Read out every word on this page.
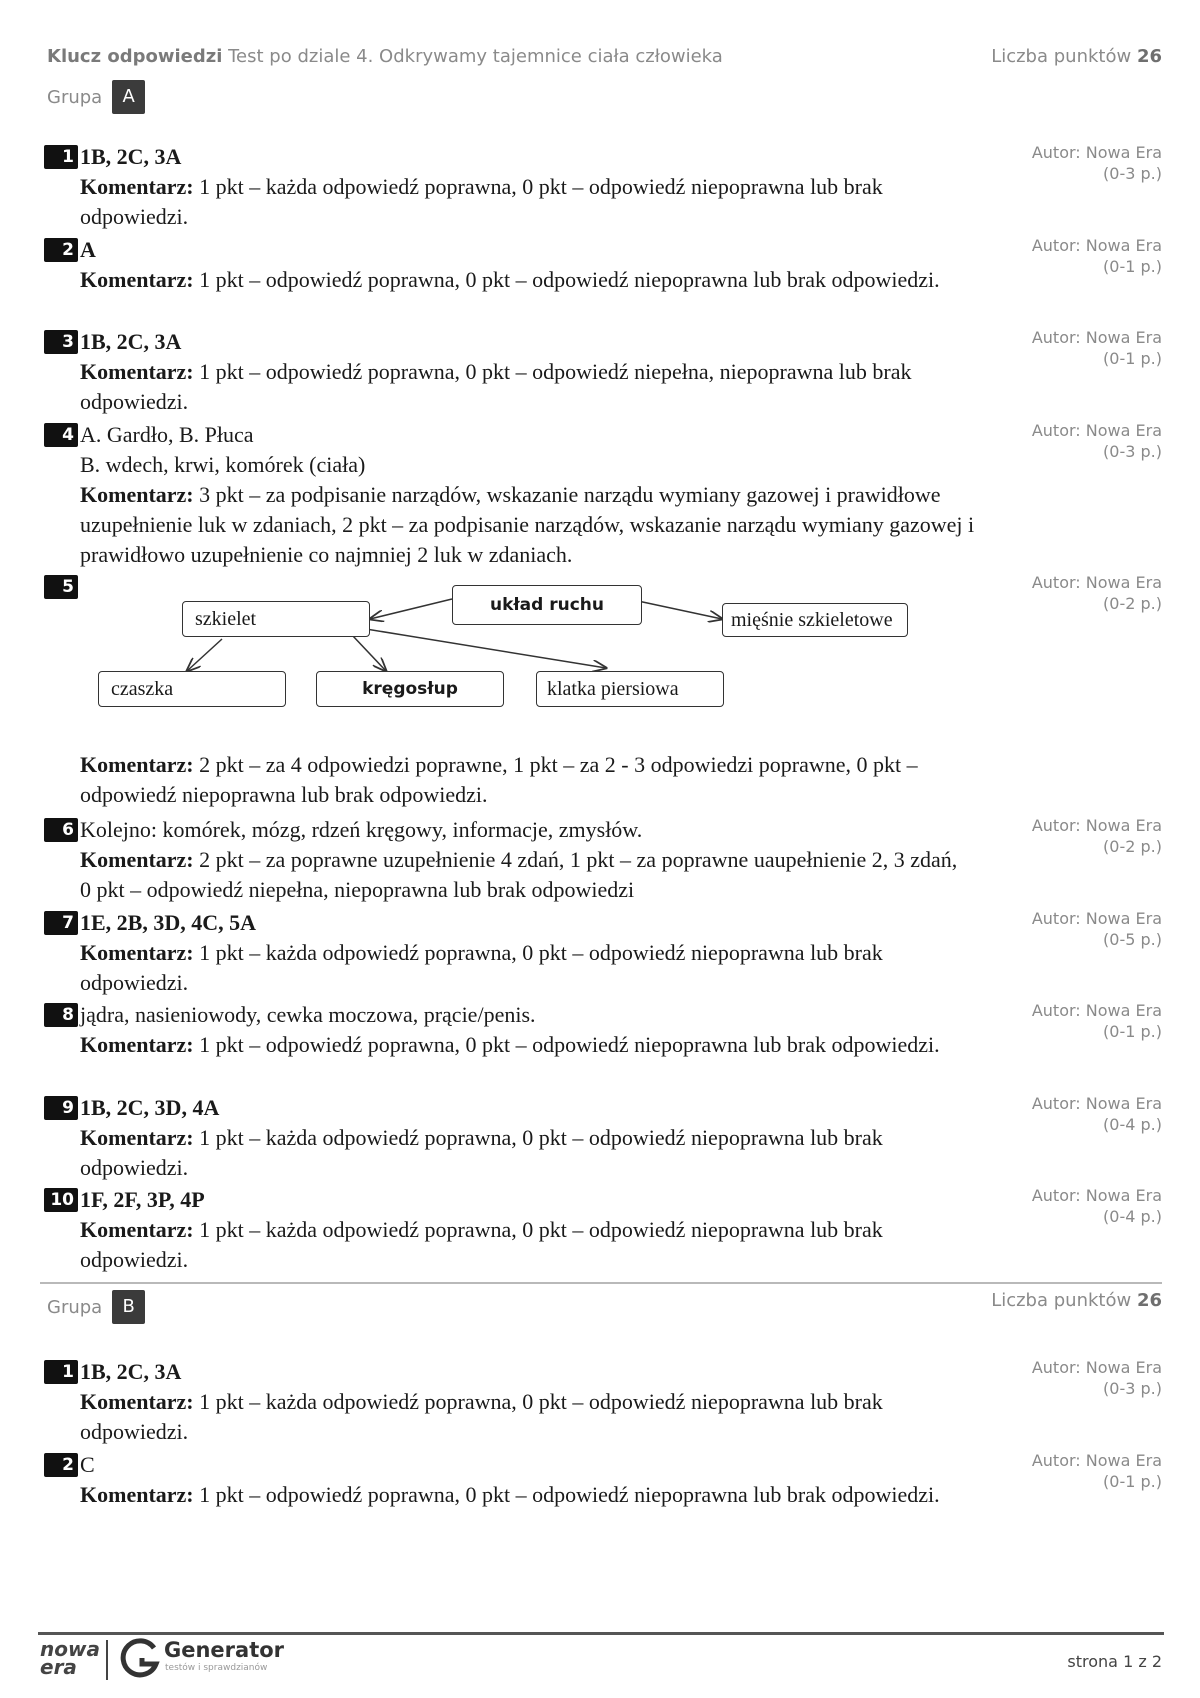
Klucz odpowiedzi Test po dziale 4. Odkrywamy tajemnice ciała człowieka	Liczba punktów 26
Grupa	A
1 1B, 2C, 3A
Komentarz: 1 pkt – każda odpowiedź poprawna, 0 pkt – odpowiedź niepoprawna lub brak odpowiedzi.
Autor: Nowa Era
(0-3 p.)
2 A
Komentarz: 1 pkt – odpowiedź poprawna, 0 pkt – odpowiedź niepoprawna lub brak odpowiedzi.
Autor: Nowa Era
(0-1 p.)
3 1B, 2C, 3A
Komentarz: 1 pkt – odpowiedź poprawna, 0 pkt – odpowiedź niepełna, niepoprawna lub brak odpowiedzi.
Autor: Nowa Era
(0-1 p.)
4 A. Gardło, B. Płuca
B. wdech, krwi, komórek (ciała)
Komentarz: 3 pkt – za podpisanie narządów, wskazanie narządu wymiany gazowej i prawidłowe uzupełnienie luk w zdaniach, 2 pkt – za podpisanie narządów, wskazanie narządu wymiany gazowej i prawidłowo uzupełnienie co najmniej 2 luk w zdaniach.
Autor: Nowa Era
(0-3 p.)
5	Autor: Nowa Era
(0-2 p.)
układ ruchu
szkielet	mięśnie szkieletowe
czaszka	kręgosłup	klatka piersiowa
Komentarz: 2 pkt – za 4 odpowiedzi poprawne, 1 pkt – za 2 - 3 odpowiedzi poprawne, 0 pkt – odpowiedź niepoprawna lub brak odpowiedzi.
6 Kolejno: komórek, mózg, rdzeń kręgowy, informacje, zmysłów.
Komentarz: 2 pkt – za poprawne uzupełnienie 4 zdań, 1 pkt – za poprawne uaupełnienie 2, 3 zdań,      0 pkt – odpowiedź niepełna, niepoprawna lub brak odpowiedzi
Autor: Nowa Era
(0-2 p.)
7 1E, 2B, 3D, 4C, 5A
Komentarz: 1 pkt – każda odpowiedź poprawna, 0 pkt – odpowiedź niepoprawna lub brak odpowiedzi.
Autor: Nowa Era
(0-5 p.)
8 jądra, nasieniowody, cewka moczowa, prącie/penis.
Komentarz: 1 pkt – odpowiedź poprawna, 0 pkt – odpowiedź niepoprawna lub brak odpowiedzi.
Autor: Nowa Era
(0-1 p.)
9 1B, 2C, 3D, 4A
Komentarz: 1 pkt – każda odpowiedź poprawna, 0 pkt – odpowiedź niepoprawna lub brak odpowiedzi.
Autor: Nowa Era
(0-4 p.)
10 1F, 2F, 3P, 4P
Komentarz: 1 pkt – każda odpowiedź poprawna, 0 pkt – odpowiedź niepoprawna lub brak odpowiedzi.
Autor: Nowa Era
(0-4 p.)
Grupa	B	Liczba punktów 26
1 1B, 2C, 3A
Komentarz: 1 pkt – każda odpowiedź poprawna, 0 pkt – odpowiedź niepoprawna lub brak odpowiedzi.
Autor: Nowa Era
(0-3 p.)
2 C
Komentarz: 1 pkt – odpowiedź poprawna, 0 pkt – odpowiedź niepoprawna lub brak odpowiedzi.
Autor: Nowa Era
(0-1 p.)
nowa
era
Generator
testów i sprawdzianów	strona 1 z 2
